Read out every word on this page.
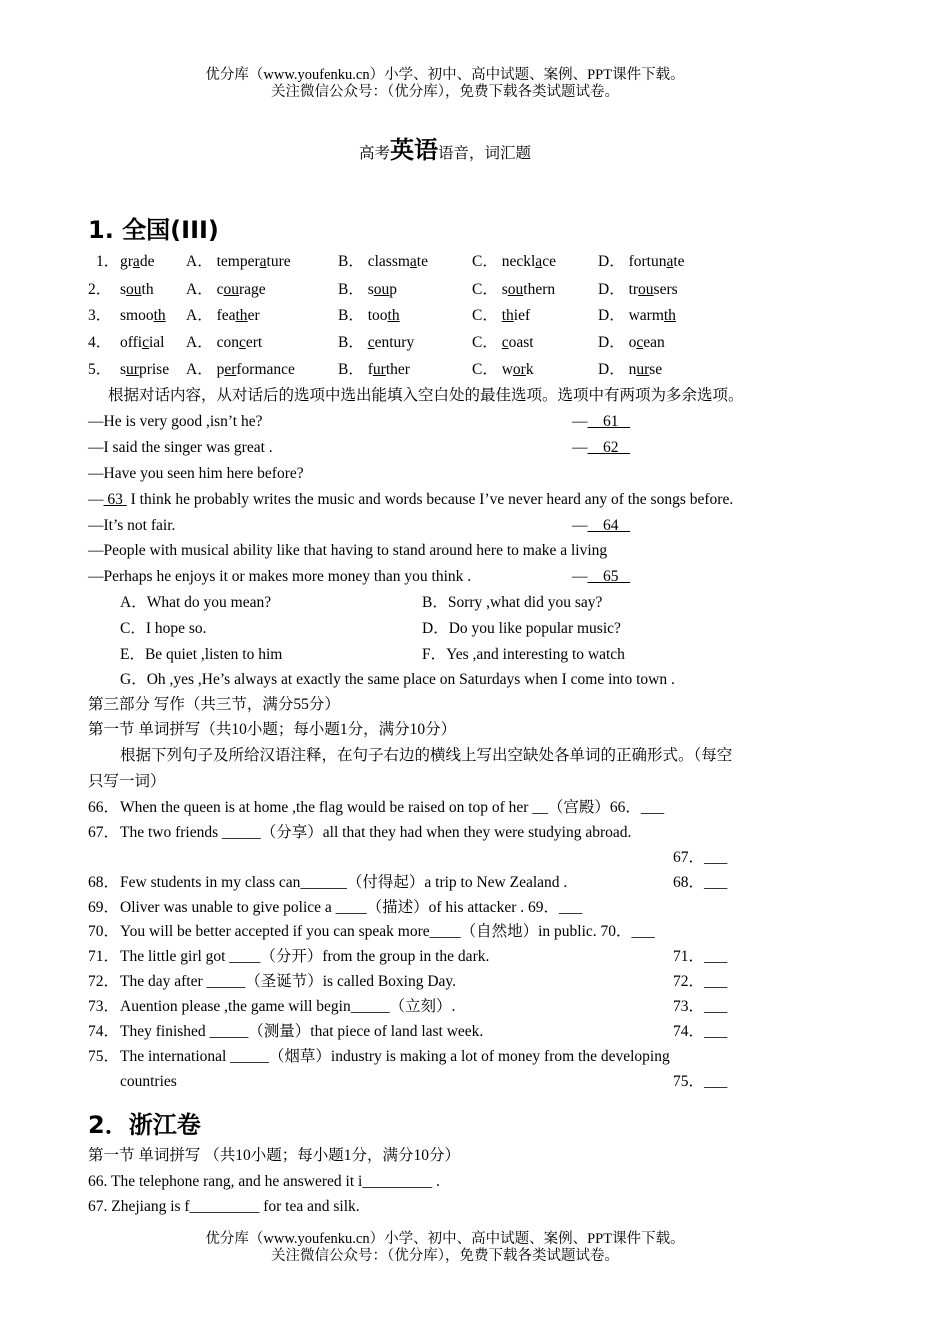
优分库（www.youfenku.cn）小学、初中、高中试题、案例、PPT课件下载。
关注微信公众号：（优分库），免费下载各类试题试卷。
高考英语语音，词汇题
1. 全国(III)
1． grade A． temperature	B． classmate	C． necklace	D． fortunate
2． south A． courage	B． soup	C． southern	D． trousers
3． smooth A． feather	B． tooth	C． thief	D． warmth
4． official A． concert	B． century	C． coast	D． ocean
5． surprise A． performance	B． further	C． work	D． nurse
根据对话内容，从对话后的选项中选出能填入空白处的最佳选项。选项中有两项为多余选项。
—He is very good ,isn’t he?	— 61
—I said the singer was great .	— 62
—Have you seen him here before?
— 63  I think he probably writes the music and words because I’ve never heard any of the songs before.
—It’s not fair.	— 64
—People with musical ability like that having to stand around here to make a living
—Perhaps he enjoys it or makes more money than you think .	— 65
A．What do you mean?	B．Sorry ,what did you say?
C．I hope so.	D．Do you like popular music?
E．Be quiet ,listen to him	F．Yes ,and interesting to watch
G．Oh ,yes ,He’s always at exactly the same place on Saturdays when I come into town .
第三部分 写作（共三节，满分55分）
第一节 单词拼写（共10小题；每小题1分，满分10分）
根据下列句子及所给汉语注释，在句子右边的横线上写出空缺处各单词的正确形式。（每空
只写一词）
66． When the queen is at home ,the flag would be raised on top of her __（宫殿）66．___
67． The two friends _____（分享）all that they had when they were studying abroad.
67．___
68． Few students in my class can______（付得起）a trip to New Zealand .	68．___
69． Oliver was unable to give police a ____（描述）of his attacker . 69．___
70． You will be better accepted if you can speak more____（自然地）in public. 70．___
71． The little girl got ____（分开）from the group in the dark.	71．___
72． The day after _____（圣诞节）is called Boxing Day.	72．___
73． Auention please ,the game will begin_____（立刻）.	73．___
74． They finished _____（测量）that piece of land last week.	74．___
75． The international _____（烟草）industry is making a lot of money from the developing
countries	75．___
2．浙江卷
第一节 单词拼写 （共10小题；每小题1分，满分10分）
66. The telephone rang, and he answered it i_________ .
67. Zhejiang is f_________ for tea and silk.
优分库（www.youfenku.cn）小学、初中、高中试题、案例、PPT课件下载。
关注微信公众号：（优分库），免费下载各类试题试卷。
